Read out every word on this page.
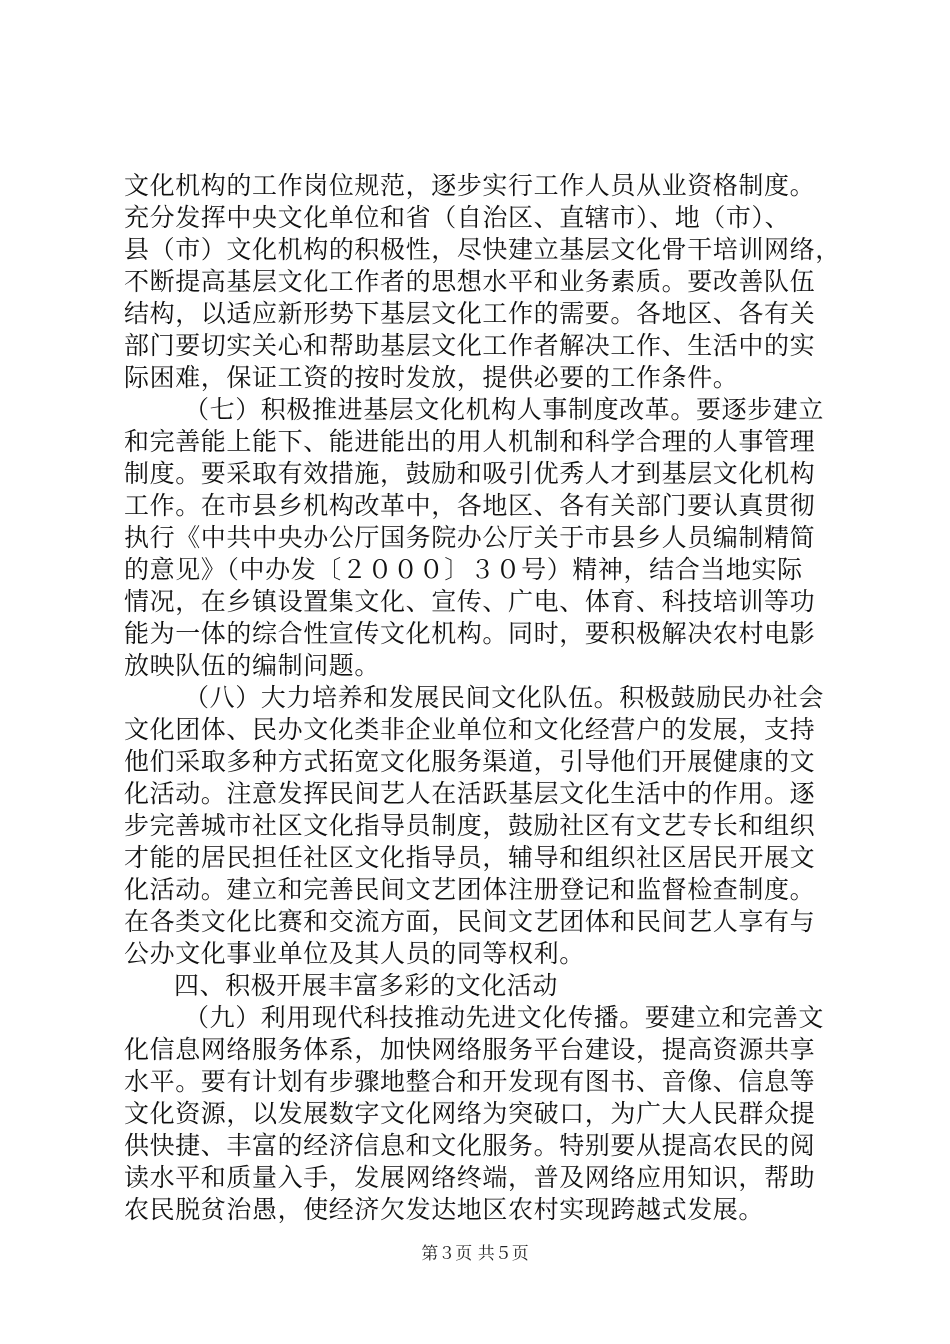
文化机构的工作岗位规范，逐步实行工作人员从业资格制度。
充分发挥中央文化单位和省（自治区、直辖市）、地（市）、
县（市）文化机构的积极性，尽快建立基层文化骨干培训网络，
不断提高基层文化工作者的思想水平和业务素质。要改善队伍
结构，以适应新形势下基层文化工作的需要。各地区、各有关
部门要切实关心和帮助基层文化工作者解决工作、生活中的实
际困难，保证工资的按时发放，提供必要的工作条件。
（七）积极推进基层文化机构人事制度改革。要逐步建立
和完善能上能下、能进能出的用人机制和科学合理的人事管理
制度。要采取有效措施，鼓励和吸引优秀人才到基层文化机构
工作。在市县乡机构改革中，各地区、各有关部门要认真贯彻
执行《中共中央办公厅国务院办公厅关于市县乡人员编制精简
的意见》（中办发〔２０００〕３０号）精神，结合当地实际
情况，在乡镇设置集文化、宣传、广电、体育、科技培训等功
能为一体的综合性宣传文化机构。同时，要积极解决农村电影
放映队伍的编制问题。
（八）大力培养和发展民间文化队伍。积极鼓励民办社会
文化团体、民办文化类非企业单位和文化经营户的发展，支持
他们采取多种方式拓宽文化服务渠道，引导他们开展健康的文
化活动。注意发挥民间艺人在活跃基层文化生活中的作用。逐
步完善城市社区文化指导员制度，鼓励社区有文艺专长和组织
才能的居民担任社区文化指导员，辅导和组织社区居民开展文
化活动。建立和完善民间文艺团体注册登记和监督检查制度。
在各类文化比赛和交流方面，民间文艺团体和民间艺人享有与
公办文化事业单位及其人员的同等权利。
四、积极开展丰富多彩的文化活动
（九）利用现代科技推动先进文化传播。要建立和完善文
化信息网络服务体系，加快网络服务平台建设，提高资源共享
水平。要有计划有步骤地整合和开发现有图书、音像、信息等
文化资源，以发展数字文化网络为突破口，为广大人民群众提
供快捷、丰富的经济信息和文化服务。特别要从提高农民的阅
读水平和质量入手，发展网络终端，普及网络应用知识，帮助
农民脱贫治愚，使经济欠发达地区农村实现跨越式发展。
第３页 共５页
